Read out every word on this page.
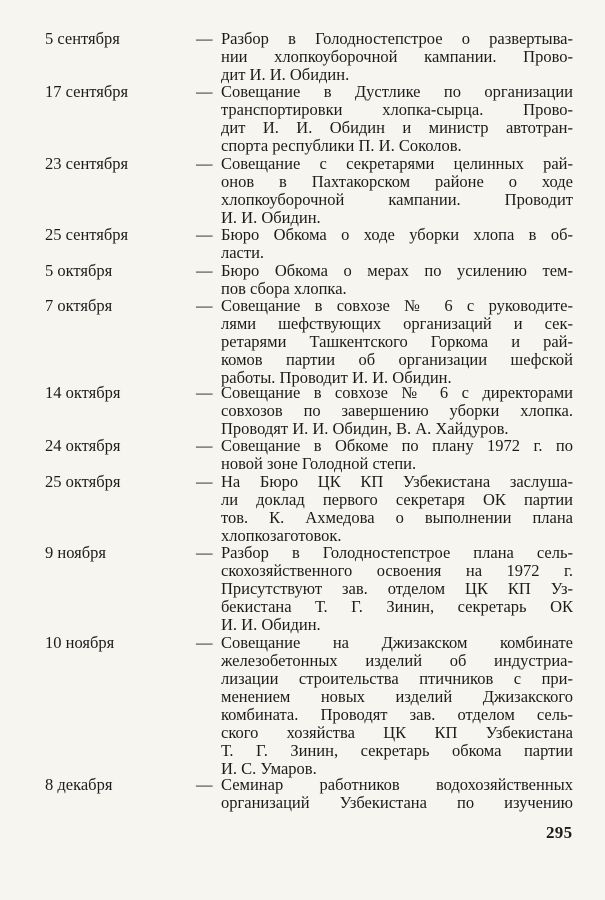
5 сентября	— Разбор в Голодностепстрое о развертыва-
нии хлопкоуборочной кампании. Прово-
дит И. И. Обидин.
17 сентября	— Совещание в Дустлике по организации
транспортировки хлопка-сырца. Прово-
дит И. И. Обидин и министр автотран-
спорта республики П. И. Соколов.
23 сентября	— Совещание с секретарями целинных рай-
онов в Пахтакорском районе о ходе
хлопкоуборочной кампании. Проводит
И. И. Обидин.
25 сентября	— Бюро Обкома о ходе уборки хлопа в об-
ласти.
5 октября	— Бюро Обкома о мерах по усилению тем-
пов сбора хлопка.
7 октября	— Совещание в совхозе № 6 с руководите-
лями шефствующих организаций и сек-
ретарями Ташкентского Горкома и рай-
комов партии об организации шефской
работы. Проводит И. И. Обидин.
14 октября	— Совещание в совхозе № 6 с директорами
совхозов по завершению уборки хлопка.
Проводят И. И. Обидин, В. А. Хайдуров.
24 октября	— Совещание в Обкоме по плану 1972 г. по
новой зоне Голодной степи.
25 октября	— На Бюро ЦК КП Узбекистана заслуша-
ли доклад первого секретаря ОК партии
тов. К. Ахмедова о выполнении плана
хлопкозаготовок.
9 ноября	— Разбор в Голодностепстрое плана сель-
скохозяйственного освоения на 1972 г.
Присутствуют зав. отделом ЦК КП Уз-
бекистана Т. Г. Зинин, секретарь ОК
И. И. Обидин.
10 ноября	— Совещание на Джизакском комбинате
железобетонных изделий об индустриа-
лизации строительства птичников с при-
менением новых изделий Джизакского
комбината. Проводят зав. отделом сель-
ского хозяйства ЦК КП Узбекистана
Т. Г. Зинин, секретарь обкома партии
И. С. Умаров.
8 декабря	— Семинар работников водохозяйственных
организаций Узбекистана по изучению
295
